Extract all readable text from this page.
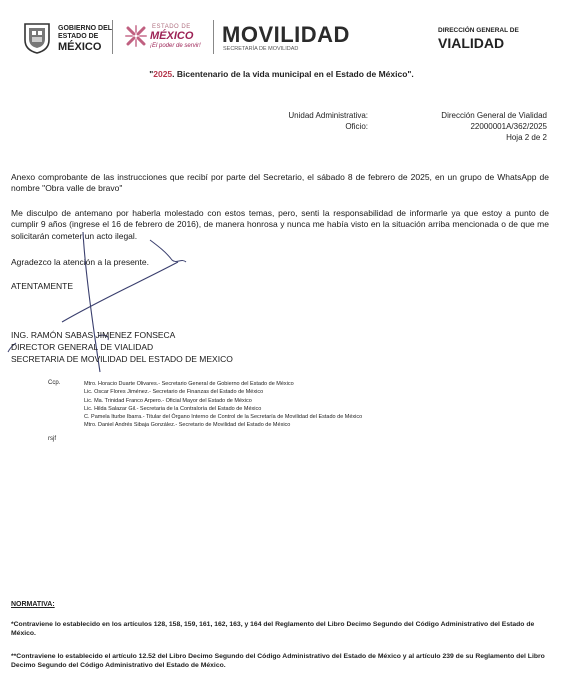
GOBIERNO DEL
ESTADO DE
MÉXICO
ESTADO DE
MÉXICO
¡El poder de servir! MOVILIDAD
SECRETARÍA DE MOVILIDAD
DIRECCIÓN GENERAL DE
VIALIDAD
"2025. Bicentenario de la vida municipal en el Estado de México".
Unidad Administrativa:
Oficio:
Dirección General de Vialidad
22000001A/362/2025
Hoja 2 de 2
Anexo comprobante de las instrucciones que recibí por parte del Secretario, el sábado 8 de febrero de 2025, en un grupo de WhatsApp de nombre "Obra valle de bravo"
Me disculpo de antemano por haberla molestado con estos temas, pero, senti la responsabilidad de informarle ya que estoy a punto de cumplir 9 años (ingrese el 16 de febrero de 2016), de manera honrosa y nunca me había visto en la situación arriba mencionada o de que me solicitarán cometer un acto ilegal.
Agradezco la atención a la presente.
ATENTAMENTE
ING. RAMÓN SABAS JIMENEZ FONSECA
DIRECTOR GENERAL DE VIALIDAD
SECRETARIA DE MOVILIDAD DEL ESTADO DE MEXICO
Ccp.	Mtro. Horacio Duarte Olivares.- Secretario General de Gobierno del Estado de México
Lic. Oscar Flores Jiménez.- Secretario de Finanzas del Estado de México
Lic. Ma. Trinidad Franco Arpero.- Oficial Mayor del Estado de México
Lic. Hilda Salazar Gil.- Secretaria de la Contraloría del Estado de México
C. Pamela Iturbe Ibarra.- Titular del Órgano Interno de Control de la Secretaría de Movilidad del Estado de México
Mtro. Daniel Andrés Sibaja González.- Secretario de Movilidad del Estado de México
rsjf
NORMATIVA:
*Contraviene lo establecido en los artículos 128, 158, 159, 161, 162, 163, y 164 del Reglamento del Libro Decimo Segundo del Código Administrativo del Estado de México.
**Contraviene lo establecido el artículo 12.52 del Libro Decimo Segundo del Código Administrativo del Estado de México y al artículo 239 de su Reglamento del Libro Decimo Segundo del Código Administrativo del Estado de México.
